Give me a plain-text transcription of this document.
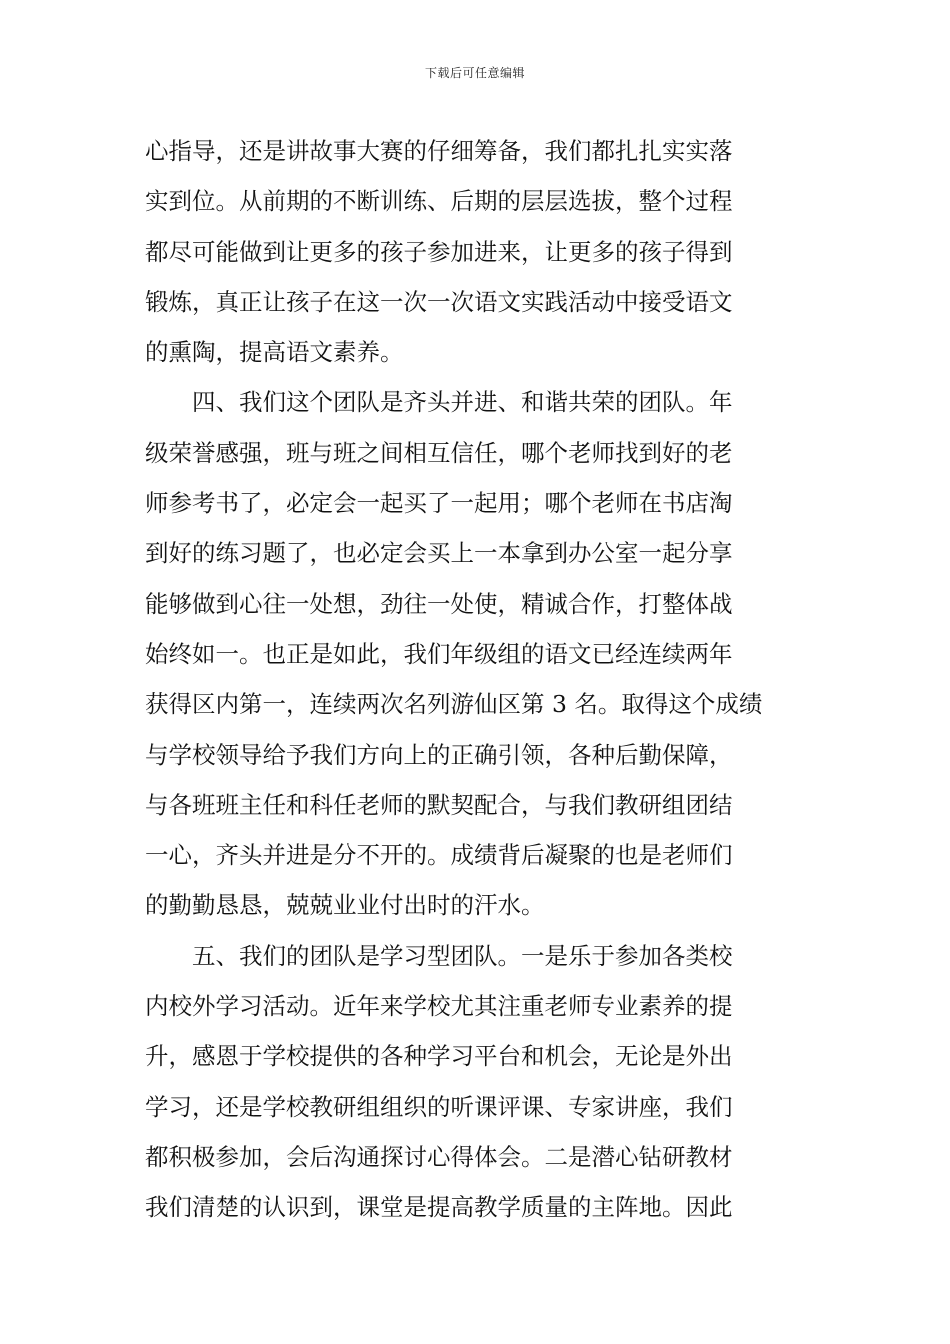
下载后可任意编辑
心指导，还是讲故事大赛的仔细筹备，我们都扎扎实实落
实到位。从前期的不断训练、后期的层层选拔，整个过程
都尽可能做到让更多的孩子参加进来，让更多的孩子得到
锻炼，真正让孩子在这一次一次语文实践活动中接受语文
的熏陶，提高语文素养。
四、我们这个团队是齐头并进、和谐共荣的团队。年
级荣誉感强，班与班之间相互信任，哪个老师找到好的老
师参考书了，必定会一起买了一起用；哪个老师在书店淘
到好的练习题了，也必定会买上一本拿到办公室一起分享
能够做到心往一处想，劲往一处使，精诚合作，打整体战
始终如一。也正是如此，我们年级组的语文已经连续两年
获得区内第一，连续两次名列游仙区第 3 名。取得这个成绩
与学校领导给予我们方向上的正确引领，各种后勤保障，
与各班班主任和科任老师的默契配合，与我们教研组团结
一心，齐头并进是分不开的。成绩背后凝聚的也是老师们
的勤勤恳恳，兢兢业业付出时的汗水。
五、我们的团队是学习型团队。一是乐于参加各类校
内校外学习活动。近年来学校尤其注重老师专业素养的提
升，感恩于学校提供的各种学习平台和机会，无论是外出
学习，还是学校教研组组织的听课评课、专家讲座，我们
都积极参加，会后沟通探讨心得体会。二是潜心钻研教材
我们清楚的认识到，课堂是提高教学质量的主阵地。因此
